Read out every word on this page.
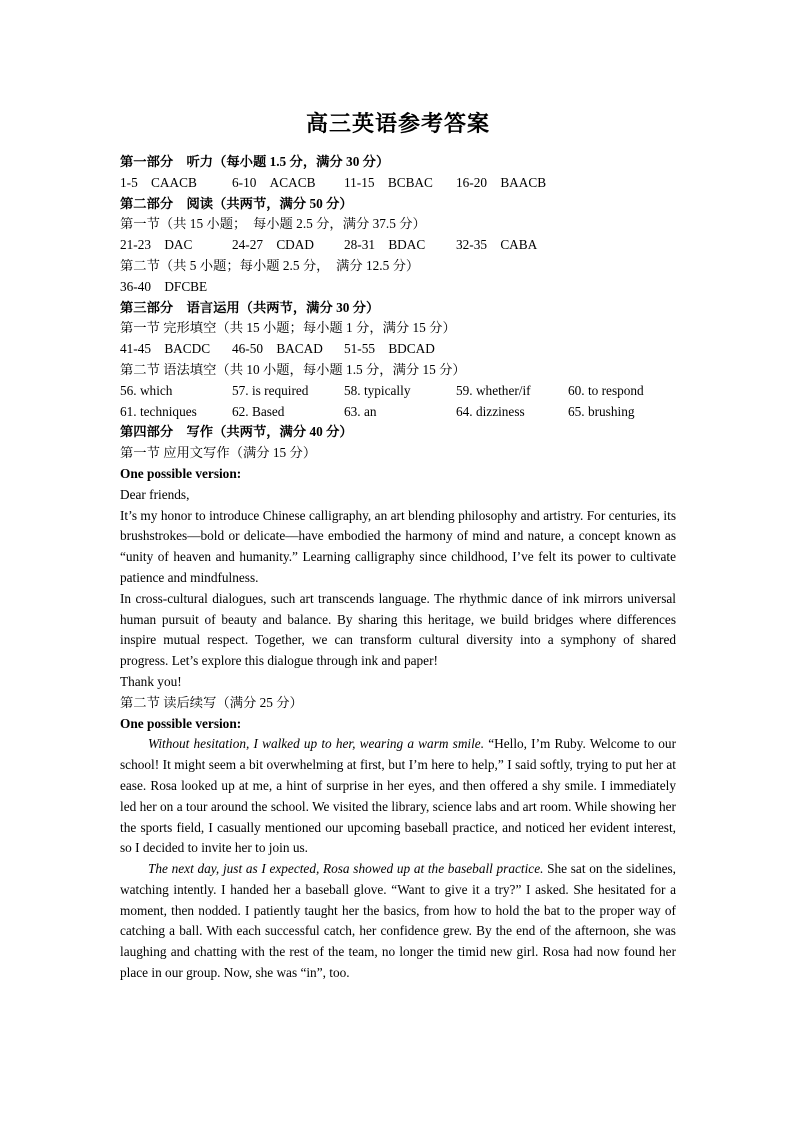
高三英语参考答案
第一部分　听力（每小题 1.5 分，满分 30 分）
1-5　CAACB	6-10　ACACB 11-15　BCBAC 16-20　BAACB
第二部分　阅读（共两节，满分 50 分）
第一节（共 15 小题；　每小题 2.5 分，满分 37.5 分）
21-23　DAC	24-27　CDAD 28-31　BDAC 32-35　CABA
第二节（共 5 小题；每小题 2.5 分，　满分 12.5 分）
36-40　DFCBE
第三部分　语言运用（共两节，满分 30 分）
第一节 完形填空（共 15 小题；每小题 1 分，满分 15 分）
41-45　BACDC 46-50　BACAD 51-55　BDCAD
第二节 语法填空（共 10 小题，每小题 1.5 分，满分 15 分）
56. which	57. is required	58. typically	59. whether/if	60. to respond
61. techniques	62. Based	63. an	64. dizziness	65. brushing
第四部分　写作（共两节，满分 40 分）
第一节 应用文写作（满分 15 分）
One possible version:
Dear friends,

It’s my honor to introduce Chinese calligraphy, an art blending philosophy and artistry. For centuries, its brushstrokes—bold or delicate—have embodied the harmony of mind and nature, a concept known as “unity of heaven and humanity.” Learning calligraphy since childhood, I’ve felt its power to cultivate patience and mindfulness.

In cross-cultural dialogues, such art transcends language. The rhythmic dance of ink mirrors universal human pursuit of beauty and balance. By sharing this heritage, we build bridges where differences inspire mutual respect. Together, we can transform cultural diversity into a symphony of shared progress. Let’s explore this dialogue through ink and paper!

Thank you!
第二节 读后续写（满分 25 分）
One possible version:

Without hesitation, I walked up to her, wearing a warm smile. “Hello, I’m Ruby. Welcome to our school! It might seem a bit overwhelming at first, but I’m here to help,” I said softly, trying to put her at ease. Rosa looked up at me, a hint of surprise in her eyes, and then offered a shy smile. I immediately led her on a tour around the school. We visited the library, science labs and art room. While showing her the sports field, I casually mentioned our upcoming baseball practice, and noticed her evident interest, so I decided to invite her to join us.

The next day, just as I expected, Rosa showed up at the baseball practice. She sat on the sidelines, watching intently. I handed her a baseball glove. “Want to give it a try?” I asked. She hesitated for a moment, then nodded. I patiently taught her the basics, from how to hold the bat to the proper way of catching a ball. With each successful catch, her confidence grew. By the end of the afternoon, she was laughing and chatting with the rest of the team, no longer the timid new girl. Rosa had now found her place in our group. Now, she was “in”, too.
